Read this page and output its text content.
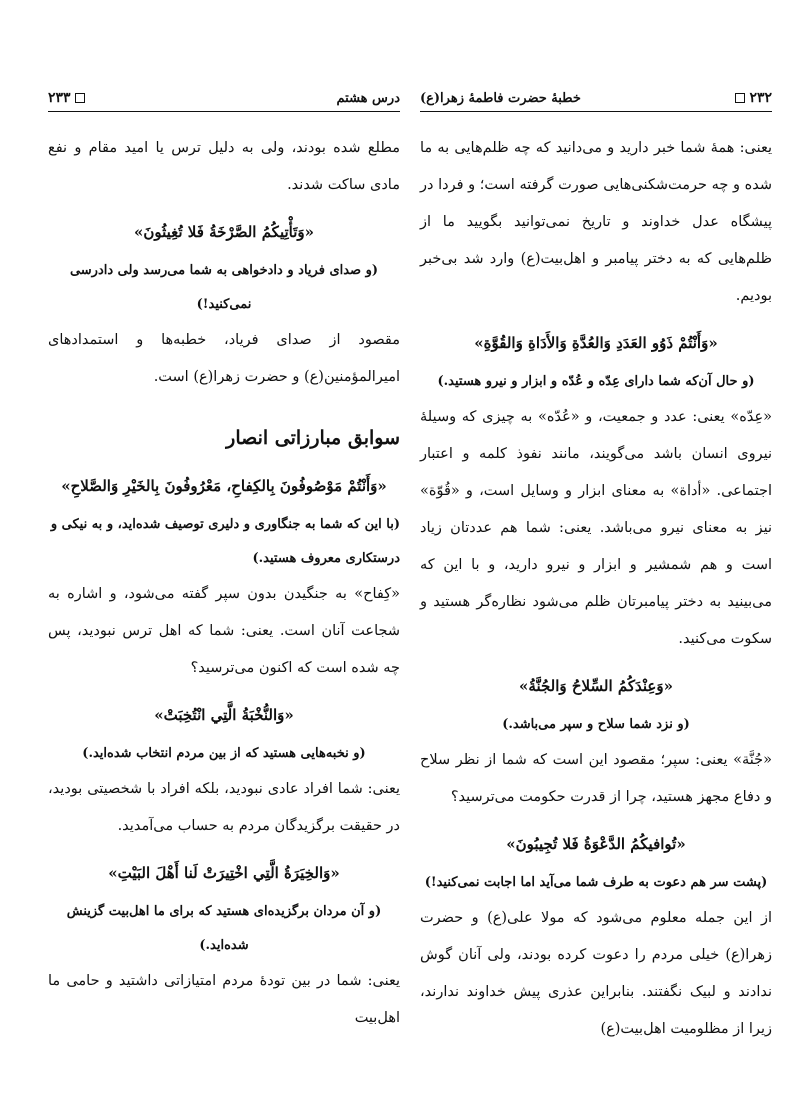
۲۳۲
خطبهٔ حضرت فاطمهٔ زهرا(ع)

یعنی: همهٔ شما خبر دارید و می‌دانید که چه ظلم‌هایی به ما شده و چه حرمت‌شکنی‌هایی صورت گرفته است؛ و فردا در پیشگاه عدل خداوند و تاریخ نمی‌توانید بگویید ما از ظلم‌هایی که به دختر پیامبر و اهل‌بیت(ع) وارد شد بی‌خبر بودیم.

«وَأَنْتُمْ ذَوُو العَدَدِ وَالعُدَّةِ وَالأَدَاةِ وَالقُوَّةِ»
(و حال آن‌که شما دارای عِدّه و عُدّه و ابزار و نیرو هستید.)

«عِدّه» یعنی: عدد و جمعیت، و «عُدّه» به چیزی که وسیلهٔ نیروی انسان باشد می‌گویند، مانند نفوذ کلمه و اعتبار اجتماعی. «أداة» به معنای ابزار و وسایل است، و «قُوّة» نیز به معنای نیرو می‌باشد. یعنی: شما هم عددتان زیاد است و هم شمشیر و ابزار و نیرو دارید، و با این که می‌بینید به دختر پیامبرتان ظلم می‌شود نظاره‌گر هستید و سکوت می‌کنید.

«وَعِنْدَكُمُ السِّلاحُ وَالجُنَّةُ»
(و نزد شما سلاح و سپر می‌باشد.)

«جُنَّة» یعنی: سپر؛ مقصود این است که شما از نظر سلاح و دفاع مجهز هستید، چرا از قدرت حکومت می‌ترسید؟

«تُوافيكُمُ الدَّعْوَةُ فَلا تُجِيبُونَ»
(پشت سر هم دعوت به طرف شما می‌آید اما اجابت نمی‌کنید!)

از این جمله معلوم می‌شود که مولا علی(ع) و حضرت زهرا(ع) خیلی مردم را دعوت کرده بودند، ولی آنان گوش ندادند و لبیک نگفتند. بنابراین عذری پیش خداوند ندارند، زیرا از مظلومیت اهل‌بیت(ع)

درس هشتم
۲۳۳

مطلع شده بودند، ولی به دلیل ترس یا امید مقام و نفع مادی ساکت شدند.

«وَتَأْتِيكُمُ الصَّرْخَةُ فَلا تُغِيثُونَ»
(و صدای فریاد و دادخواهی به شما می‌رسد ولی دادرسی نمی‌کنید!)

مقصود از صدای فریاد، خطبه‌ها و استمدادهای امیرالمؤمنین(ع) و حضرت زهرا(ع) است.

سوابق مبارزاتی انصار
«وَأَنْتُمْ مَوْصُوفُونَ بِالكِفاحِ، مَعْرُوفُونَ بِالخَيْرِ وَالصَّلاحِ»
(با این که شما به جنگاوری و دلیری توصیف شده‌اید، و به نیکی و درستکاری معروف هستید.)

«کِفاح» به جنگیدن بدون سپر گفته می‌شود، و اشاره به شجاعت آنان است. یعنی: شما که اهل ترس نبودید، پس چه شده است که اکنون می‌ترسید؟

«وَالنُّخْبَةُ الَّتِي انْتُخِبَتْ»
(و نخبه‌هایی هستید که از بین مردم انتخاب شده‌اید.)

یعنی: شما افراد عادی نبودید، بلکه افراد با شخصیتی بودید، در حقیقت برگزیدگان مردم به حساب می‌آمدید.

«وَالخِيَرَةُ الَّتِي اخْتِيرَتْ لَنا أَهْلَ البَيْتِ»
(و آن مردان برگزیده‌ای هستید که برای ما اهل‌بیت گزینش شده‌اید.)

یعنی: شما در بین تودهٔ مردم امتیازاتی داشتید و حامی ما اهل‌بیت
